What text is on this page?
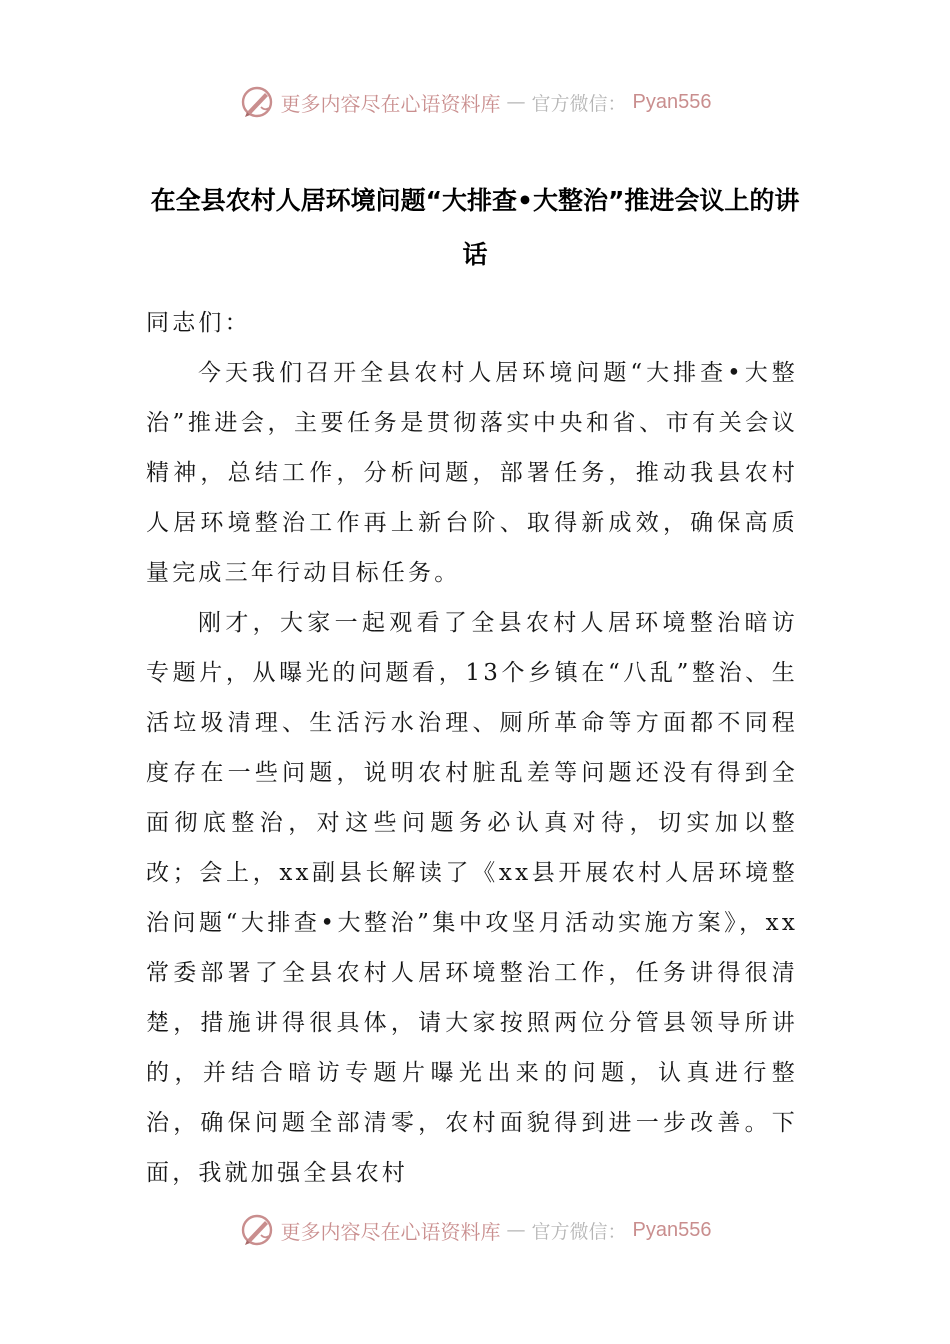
更多内容尽在心语资料库 — 官方微信： Pyan556
在全县农村人居环境问题“大排查•大整治”推进会议上的讲话

同志们：

今天我们召开全县农村人居环境问题“大排查•大整治”推进会，主要任务是贯彻落实中央和省、市有关会议精神，总结工作，分析问题，部署任务，推动我县农村人居环境整治工作再上新台阶、取得新成效，确保高质量完成三年行动目标任务。

刚才，大家一起观看了全县农村人居环境整治暗访专题片，从曝光的问题看，13个乡镇在“八乱”整治、生活垃圾清理、生活污水治理、厕所革命等方面都不同程度存在一些问题，说明农村脏乱差等问题还没有得到全面彻底整治，对这些问题务必认真对待，切实加以整改；会上，xx副县长解读了《xx县开展农村人居环境整治问题“大排查•大整治”集中攻坚月活动实施方案》，xx常委部署了全县农村人居环境整治工作，任务讲得很清楚，措施讲得很具体，请大家按照两位分管县领导所讲的，并结合暗访专题片曝光出来的问题，认真进行整治，确保问题全部清零，农村面貌得到进一步改善。下面，我就加强全县农村

更多内容尽在心语资料库 — 官方微信： Pyan556
